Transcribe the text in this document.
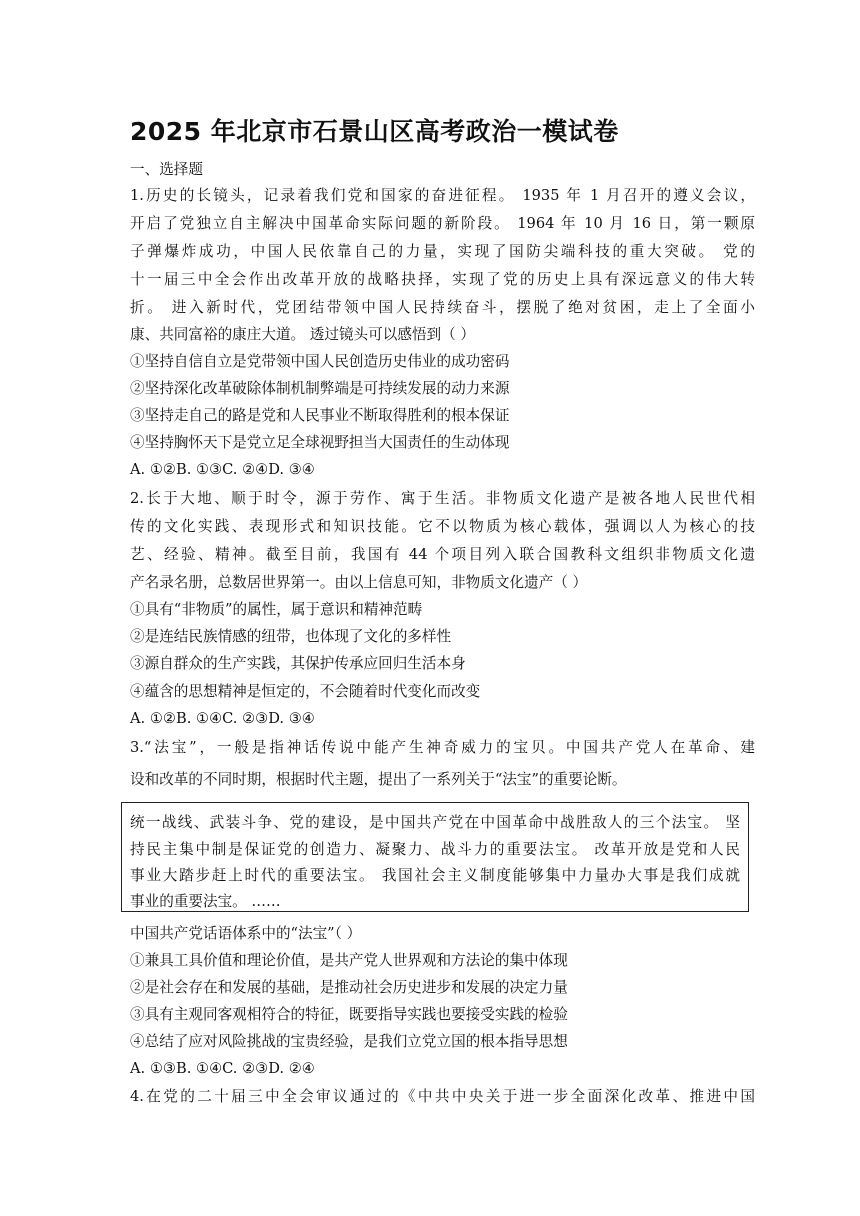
2025 年北京市石景山区高考政治一模试卷
一、选择题
1.历史的长镜头，记录着我们党和国家的奋进征程。 1935 年 1 月召开的遵义会议，
开启了党独立自主解决中国革命实际问题的新阶段。 1964 年 10 月 16 日，第一颗原
子弹爆炸成功，中国人民依靠自己的力量，实现了国防尖端科技的重大突破。 党的
十一届三中全会作出改革开放的战略抉择，实现了党的历史上具有深远意义的伟大转
折。 进入新时代，党团结带领中国人民持续奋斗，摆脱了绝对贫困，走上了全面小
康、共同富裕的康庄大道。 透过镜头可以感悟到（ ）
①坚持自信自立是党带领中国人民创造历史伟业的成功密码
②坚持深化改革破除体制机制弊端是可持续发展的动力来源
③坚持走自己的路是党和人民事业不断取得胜利的根本保证
④坚持胸怀天下是党立足全球视野担当大国责任的生动体现
A. ①②B. ①③C. ②④D. ③④
2.长于大地、顺于时令，源于劳作、寓于生活。非物质文化遗产是被各地人民世代相
传的文化实践、表现形式和知识技能。它不以物质为核心载体，强调以人为核心的技
艺、经验、精神。截至目前，我国有 44 个项目列入联合国教科文组织非物质文化遗
产名录名册，总数居世界第一。由以上信息可知，非物质文化遗产（ ）
①具有“非物质”的属性，属于意识和精神范畴
②是连结民族情感的纽带，也体现了文化的多样性
③源自群众的生产实践，其保护传承应回归生活本身
④蕴含的思想精神是恒定的，不会随着时代变化而改变
A. ①②B. ①④C. ②③D. ③④
3.“法宝”，一般是指神话传说中能产生神奇威力的宝贝。中国共产党人在革命、建
设和改革的不同时期，根据时代主题，提出了一系列关于“法宝”的重要论断。
统一战线、武装斗争、党的建设，是中国共产党在中国革命中战胜敌人的三个法宝。 坚
持民主集中制是保证党的创造力、凝聚力、战斗力的重要法宝。 改革开放是党和人民
事业大踏步赶上时代的重要法宝。 我国社会主义制度能够集中力量办大事是我们成就
事业的重要法宝。 ……
中国共产党话语体系中的“法宝”（ ）
①兼具工具价值和理论价值，是共产党人世界观和方法论的集中体现
②是社会存在和发展的基础，是推动社会历史进步和发展的决定力量
③具有主观同客观相符合的特征，既要指导实践也要接受实践的检验
④总结了应对风险挑战的宝贵经验，是我们立党立国的根本指导思想
A. ①③B. ①④C. ②③D. ②④
4.在党的二十届三中全会审议通过的《中共中央关于进一步全面深化改革、推进中国
